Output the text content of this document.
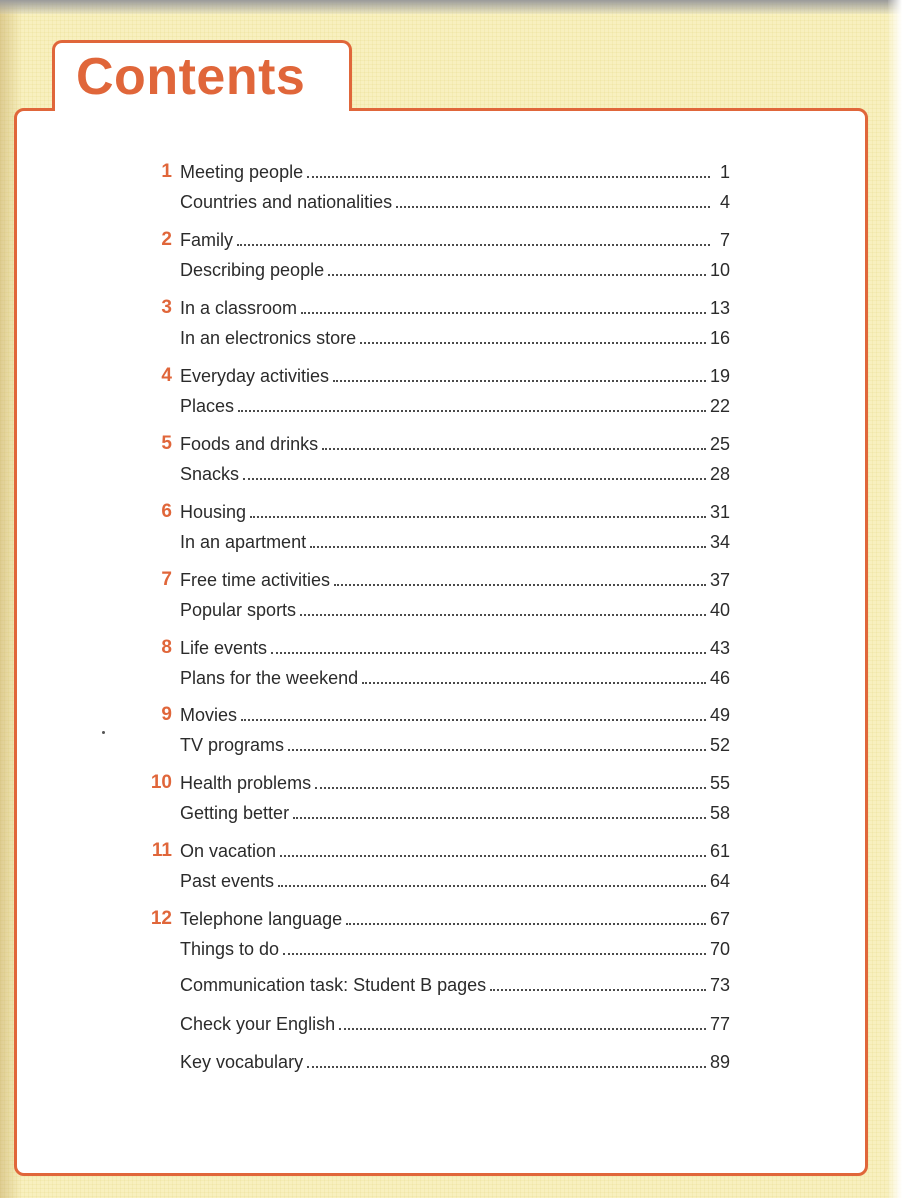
Contents
1 Meeting people	1
Countries and nationalities	4
2 Family	7
Describing people	10
3 In a classroom	13
In an electronics store	16
4 Everyday activities	19
Places	22
5 Foods and drinks	25
Snacks	28
6 Housing	31
In an apartment	34
7 Free time activities	37
Popular sports	40
8 Life events	43
Plans for the weekend	46
9 Movies	49
TV programs	52
10 Health problems	55
Getting better	58
11 On vacation	61
Past events	64
12 Telephone language	67
Things to do	70
Communication task: Student B pages	73
Check your English	77
Key vocabulary	89
